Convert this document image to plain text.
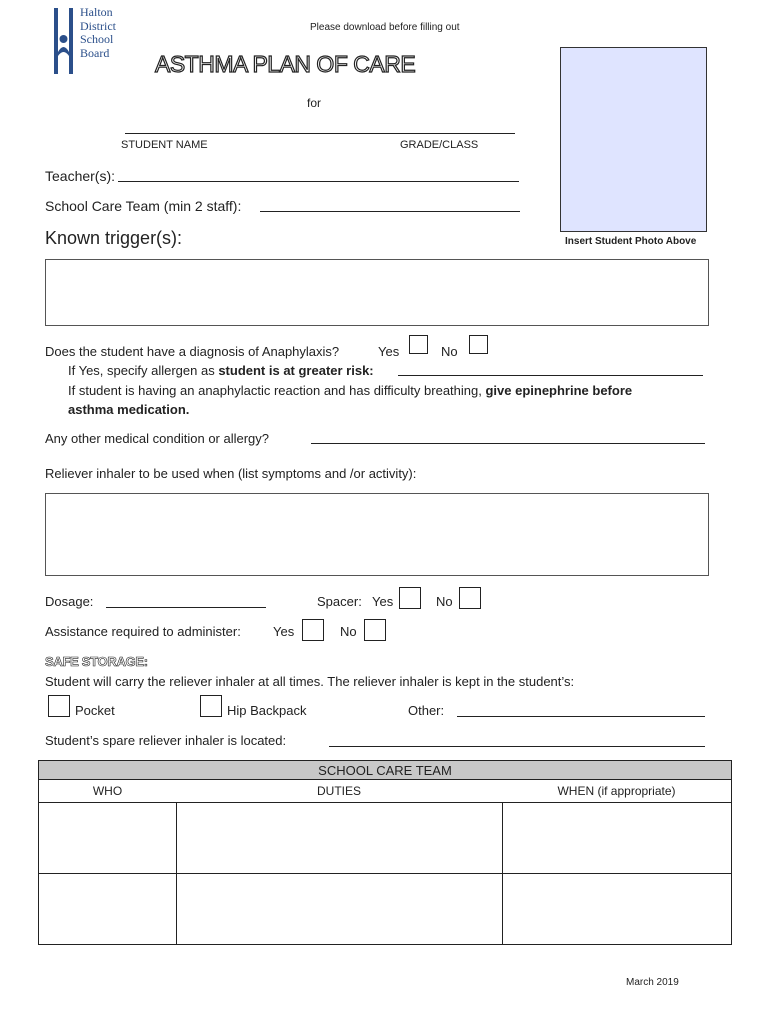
Halton
District
School
Board
Please download before filling out
ASTHMA PLAN OF CARE
for
STUDENT NAME	GRADE/CLASS
Insert Student Photo Above
Teacher(s):
School Care Team (min 2 staff):
Known trigger(s):
Does the student have a diagnosis of Anaphylaxis?	Yes	No
If Yes, specify allergen as student is at greater risk:
If student is having an anaphylactic reaction and has difficulty breathing, give epinephrine before
asthma medication.
Any other medical condition or allergy?
Reliever inhaler to be used when (list symptoms and /or activity):
Dosage:	Spacer: Yes	No
Assistance required to administer: Yes	No
SAFE STORAGE:
Student will carry the reliever inhaler at all times. The reliever inhaler is kept in the student’s:
Pocket	Hip Backpack	Other:
Student’s spare reliever inhaler is located:
SCHOOL CARE TEAM		
WHO	DUTIES	WHEN (if appropriate)

March 2019
